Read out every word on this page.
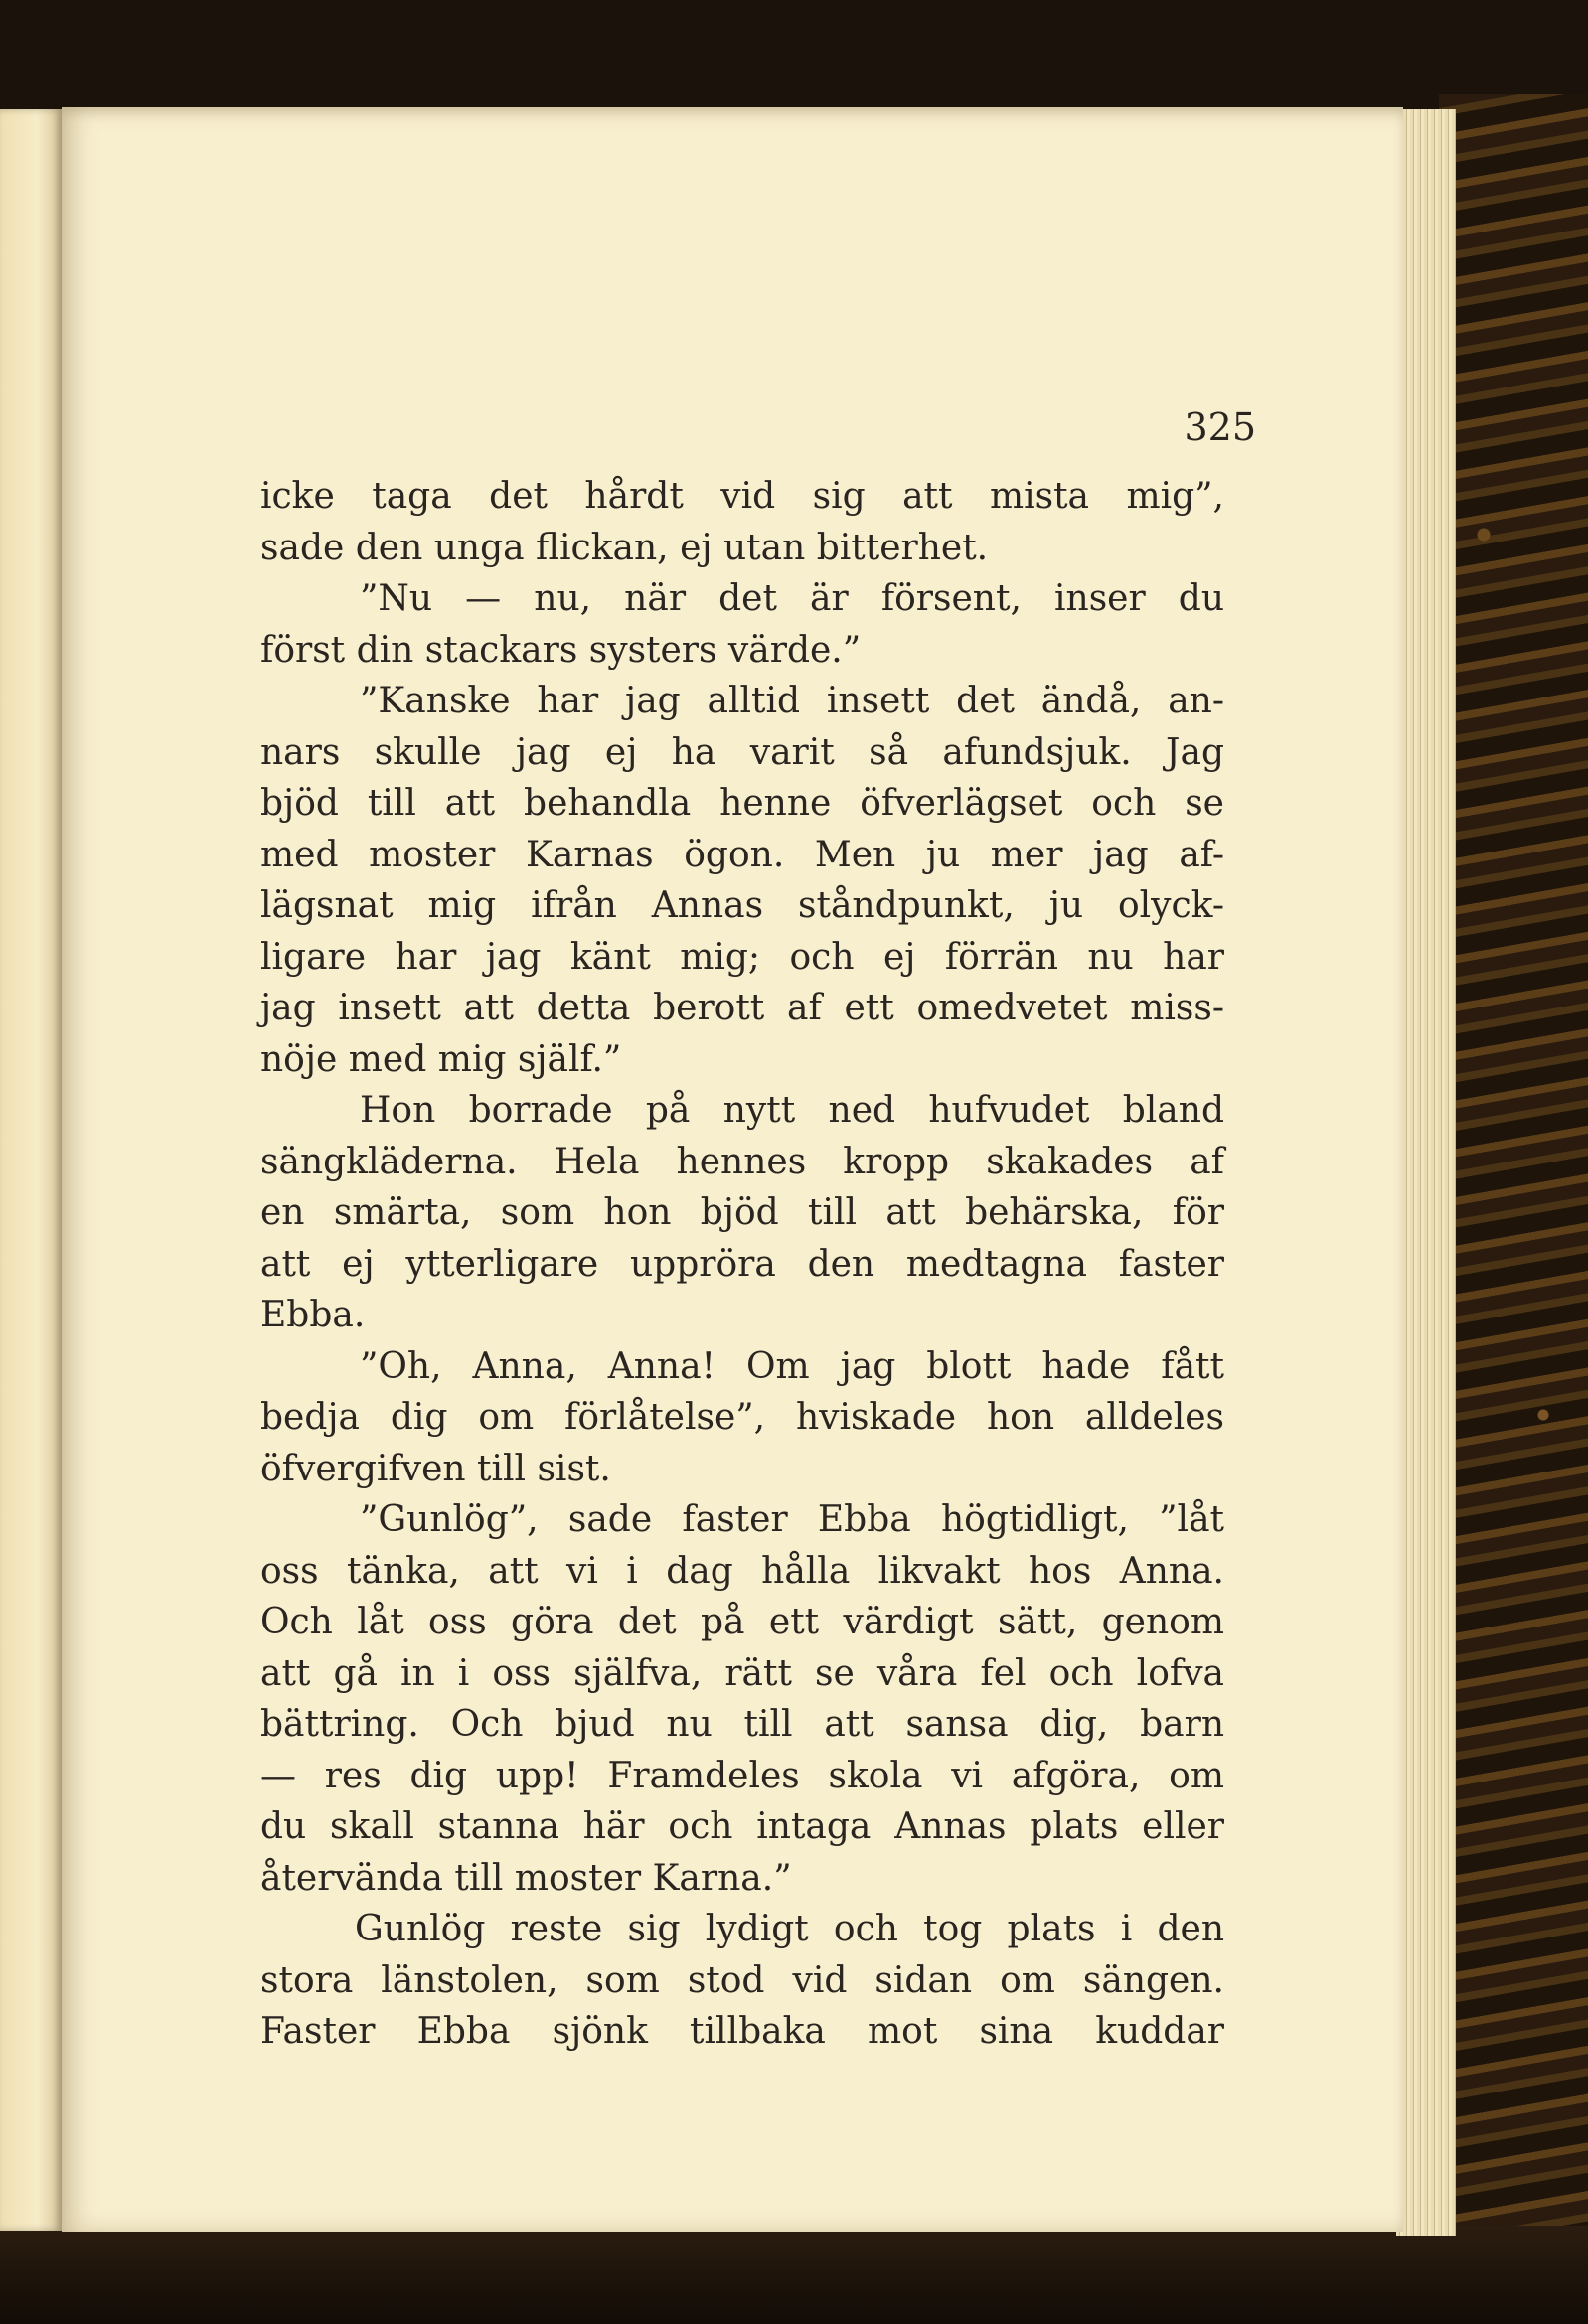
325

icke taga det hårdt vid sig att mista mig”,

sade den unga flickan, ej utan bitterhet.

”Nu — nu, när det är försent, inser du

först din stackars systers värde.”

”Kanske har jag alltid insett det ändå, an-

nars skulle jag ej ha varit så afundsjuk. Jag

bjöd till att behandla henne öfverlägset och se

med moster Karnas ögon. Men ju mer jag af-

lägsnat mig ifrån Annas ståndpunkt, ju olyck-

ligare har jag känt mig; och ej förrän nu har

jag insett att detta berott af ett omedvetet miss-

nöje med mig själf.”

Hon borrade på nytt ned hufvudet bland

sängkläderna. Hela hennes kropp skakades af

en smärta, som hon bjöd till att behärska, för

att ej ytterligare uppröra den medtagna faster

Ebba.

”Oh, Anna, Anna! Om jag blott hade fått

bedja dig om förlåtelse”, hviskade hon alldeles

öfvergifven till sist.

”Gunlög”, sade faster Ebba högtidligt, ”låt

oss tänka, att vi i dag hålla likvakt hos Anna.

Och låt oss göra det på ett värdigt sätt, genom

att gå in i oss själfva, rätt se våra fel och lofva

bättring. Och bjud nu till att sansa dig, barn

— res dig upp! Framdeles skola vi afgöra, om

du skall stanna här och intaga Annas plats eller

återvända till moster Karna.”

Gunlög reste sig lydigt och tog plats i den

stora länstolen, som stod vid sidan om sängen.

Faster Ebba sjönk tillbaka mot sina kuddar
